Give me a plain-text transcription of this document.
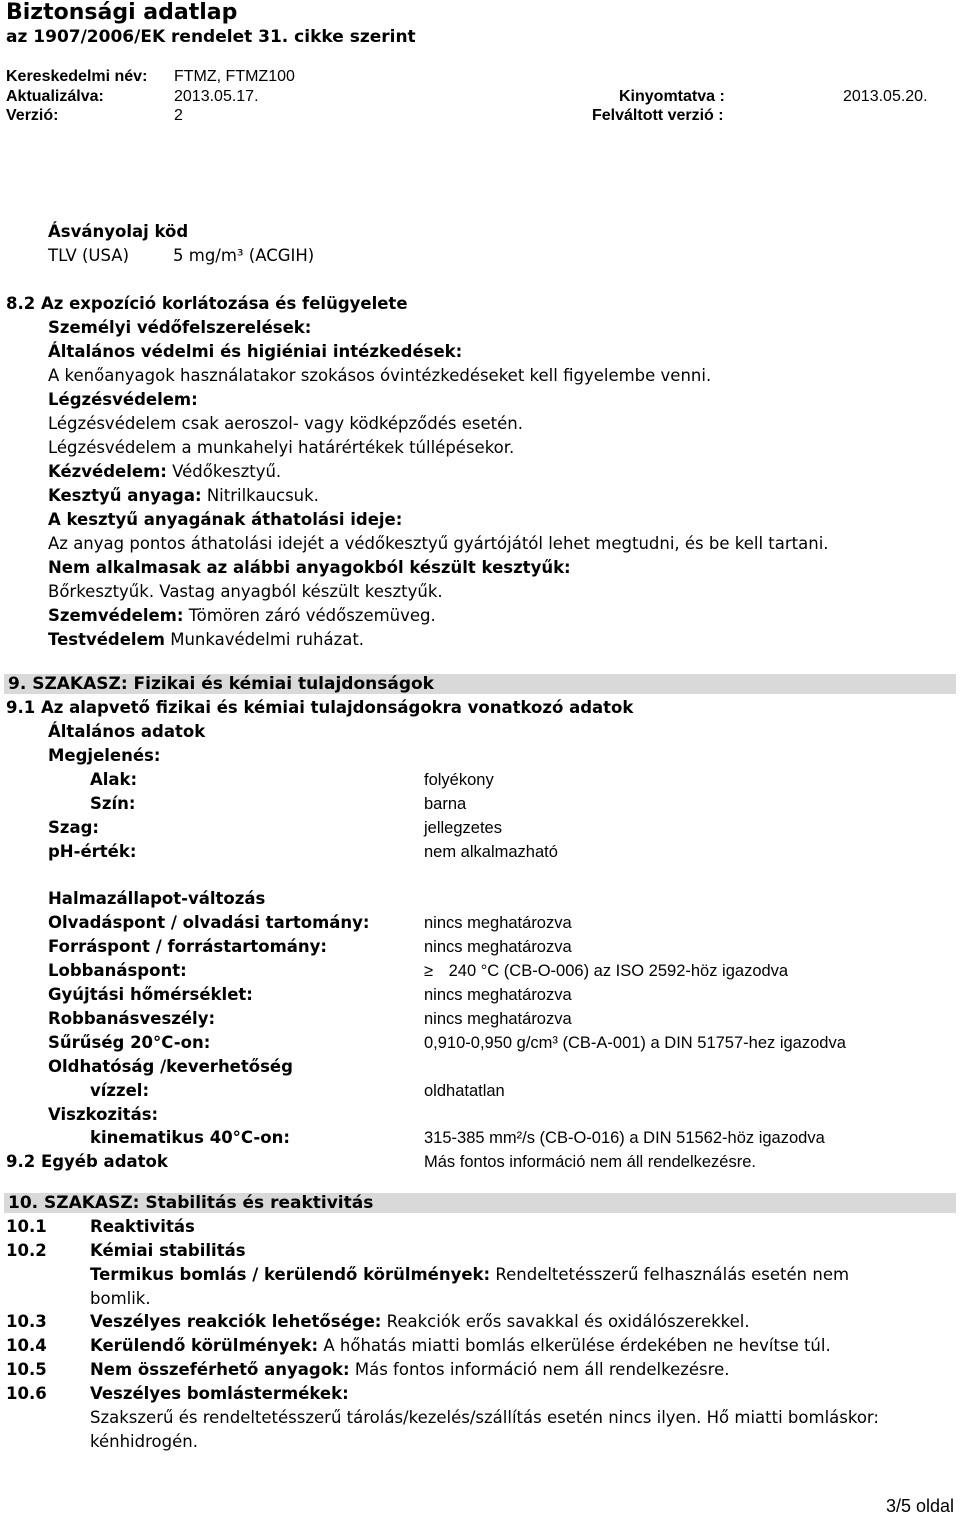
Biztonsági adatlap
az 1907/2006/EK rendelet 31. cikke szerint
Kereskedelmi név: FTMZ, FTMZ100
Aktualizálva:	2013.05.17.	Kinyomtatva :	2013.05.20.
Verzió:	2	Felváltott verzió :
Ásványolaj köd
TLV (USA)	5 mg/m³ (ACGIH)
8.2 Az expozíció korlátozása és felügyelete
Személyi védőfelszerelések:
Általános védelmi és higiéniai intézkedések:
A kenőanyagok használatakor szokásos óvintézkedéseket kell figyelembe venni.
Légzésvédelem:
Légzésvédelem csak aeroszol- vagy ködképződés esetén.
Légzésvédelem a munkahelyi határértékek túllépésekor.
Kézvédelem: Védőkesztyű.
Kesztyű anyaga: Nitrilkaucsuk.
A kesztyű anyagának áthatolási ideje:
Az anyag pontos áthatolási idejét a védőkesztyű gyártójától lehet megtudni, és be kell tartani.
Nem alkalmasak az alábbi anyagokból készült kesztyűk:
Bőrkesztyűk. Vastag anyagból készült kesztyűk.
Szemvédelem: Tömören záró védőszemüveg.
Testvédelem Munkavédelmi ruházat.
9. SZAKASZ: Fizikai és kémiai tulajdonságok
9.1 Az alapvető fizikai és kémiai tulajdonságokra vonatkozó adatok
Általános adatok
Megjelenés:
Alak:	folyékony
Szín:	barna
Szag:	jellegzetes
pH-érték:	nem alkalmazható
Halmazállapot-változás
Olvadáspont / olvadási tartomány:	nincs meghatározva
Forráspont / forrástartomány:	nincs meghatározva
Lobbanáspont:	≥ 240 °C (CB-O-006) az ISO 2592-höz igazodva
Gyújtási hőmérséklet:	nincs meghatározva
Robbanásveszély:	nincs meghatározva
Sűrűség 20°C-on:	0,910-0,950 g/cm³ (CB-A-001) a DIN 51757-hez igazodva
Oldhatóság /keverhetőség
vízzel:	oldhatatlan
Viszkozitás:
kinematikus 40°C-on:	315-385 mm²/s (CB-O-016) a DIN 51562-höz igazodva
9.2 Egyéb adatok	Más fontos információ nem áll rendelkezésre.
10. SZAKASZ: Stabilitás és reaktivitás
10.1	Reaktivitás
10.2	Kémiai stabilitás
Termikus bomlás / kerülendő körülmények: Rendeltetésszerű felhasználás esetén nem
bomlik.
10.3	Veszélyes reakciók lehetősége: Reakciók erős savakkal és oxidálószerekkel.
10.4	Kerülendő körülmények: A hőhatás miatti bomlás elkerülése érdekében ne hevítse túl.
10.5	Nem összeférhető anyagok: Más fontos információ nem áll rendelkezésre.
10.6	Veszélyes bomlástermékek:
Szakszerű és rendeltetésszerű tárolás/kezelés/szállítás esetén nincs ilyen. Hő miatti bomláskor:
kénhidrogén.
3/5 oldal
